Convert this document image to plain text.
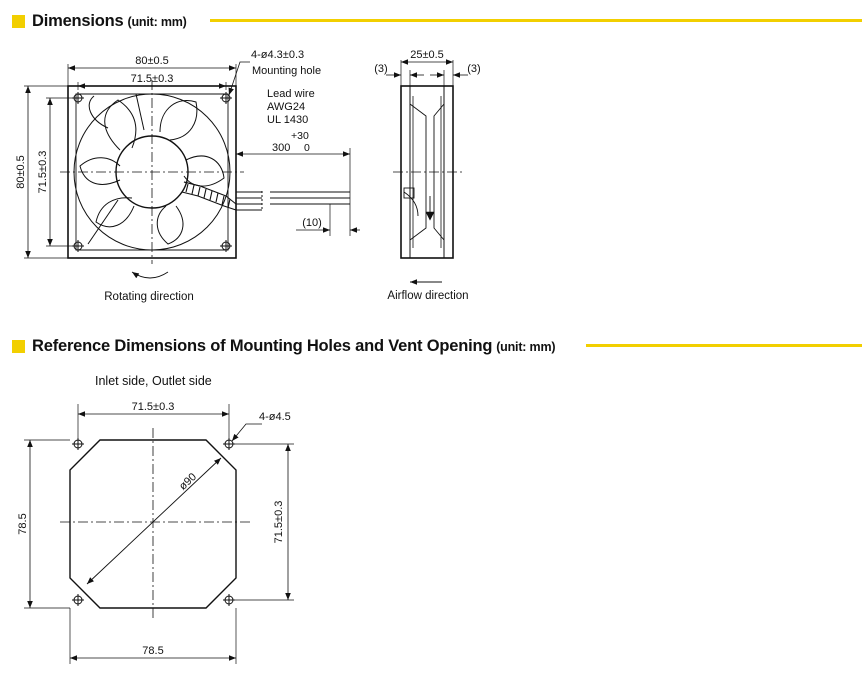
Dimensions (unit: mm)
Reference Dimensions of Mounting Holes and Vent Opening (unit: mm)
80±0.5
71.5±0.3
80±0.5 71.5±0.3
4-ø4.3±0.3
Mounting hole
Lead wire
AWG24
UL 1430
+30
300 0
(10)
Rotating direction
25±0.5
(3)	(3)
Airflow direction
Inlet side, Outlet side
71.5±0.3
4-ø4.5
78.5	71.5±0.3
ø90
78.5
